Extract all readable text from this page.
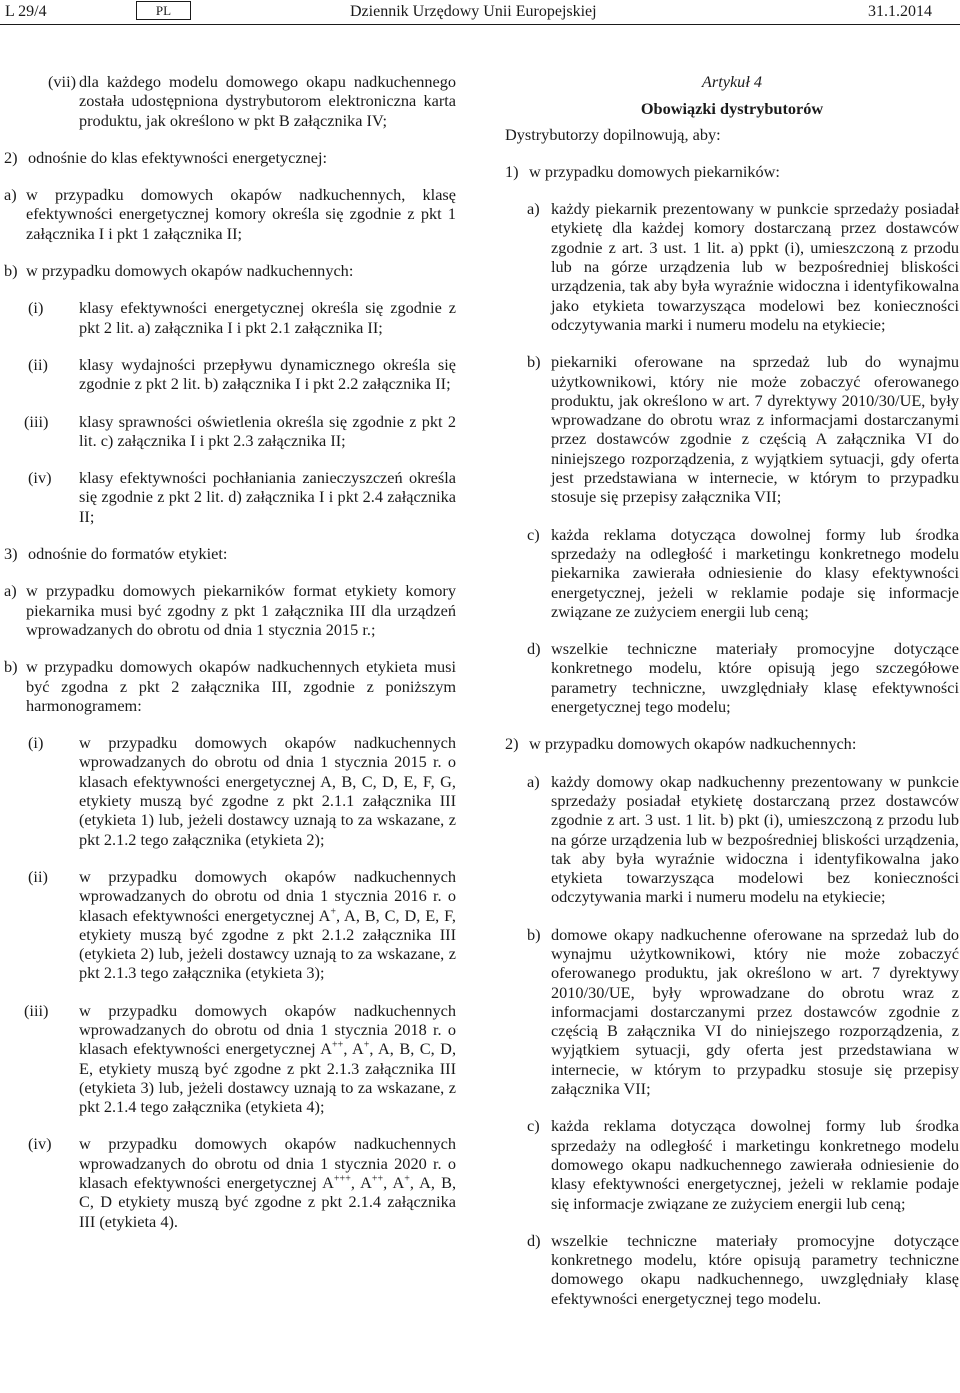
L 29/4	PL	Dziennik Urzędowy Unii Europejskiej	31.1.2014
(vii) dla każdego modelu domowego okapu nadkuchennego została udostępniona dystrybutorom elektroniczna karta produktu, jak określono w pkt B załącznika IV;
2) odnośnie do klas efektywności energetycznej:
a) w przypadku domowych okapów nadkuchennych, klasę efektywności energetycznej komory określa się zgodnie z pkt 1 załącznika I i pkt 1 załącznika II;
b) w przypadku domowych okapów nadkuchennych:
(i) klasy efektywności energetycznej określa się zgodnie z pkt 2 lit. a) załącznika I i pkt 2.1 załącznika II;
(ii) klasy wydajności przepływu dynamicznego określa się zgodnie z pkt 2 lit. b) załącznika I i pkt 2.2 załącznika II;
(iii) klasy sprawności oświetlenia określa się zgodnie z pkt 2 lit. c) załącznika I i pkt 2.3 załącznika II;
(iv) klasy efektywności pochłaniania zanieczyszczeń określa się zgodnie z pkt 2 lit. d) załącznika I i pkt 2.4 załącznika II;
3) odnośnie do formatów etykiet:
a) w przypadku domowych piekarników format etykiety komory piekarnika musi być zgodny z pkt 1 załącznika III dla urządzeń wprowadzanych do obrotu od dnia 1 stycznia 2015 r.;
b) w przypadku domowych okapów nadkuchennych etykieta musi być zgodna z pkt 2 załącznika III, zgodnie z poniższym harmonogramem:
(i) w przypadku domowych okapów nadkuchennych wprowadzanych do obrotu od dnia 1 stycznia 2015 r. o klasach efektywności energetycznej A, B, C, D, E, F, G, etykiety muszą być zgodne z pkt 2.1.1 załącznika III (etykieta 1) lub, jeżeli dostawcy uznają to za wskazane, z pkt 2.1.2 tego załącznika (etykieta 2);
(ii) w przypadku domowych okapów nadkuchennych wprowadzanych do obrotu od dnia 1 stycznia 2016 r. o klasach efektywności energetycznej A+, A, B, C, D, E, F, etykiety muszą być zgodne z pkt 2.1.2 załącznika III (etykieta 2) lub, jeżeli dostawcy uznają to za wskazane, z pkt 2.1.3 tego załącznika (etykieta 3);
(iii) w przypadku domowych okapów nadkuchennych wprowadzanych do obrotu od dnia 1 stycznia 2018 r. o klasach efektywności energetycznej A++, A+, A, B, C, D, E, etykiety muszą być zgodne z pkt 2.1.3 załącznika III (etykieta 3) lub, jeżeli dostawcy uznają to za wskazane, z pkt 2.1.4 tego załącznika (etykieta 4);
(iv) w przypadku domowych okapów nadkuchennych wprowadzanych do obrotu od dnia 1 stycznia 2020 r. o klasach efektywności energetycznej A+++, A++, A+, A, B, C, D etykiety muszą być zgodne z pkt 2.1.4 załącznika III (etykieta 4).
Artykuł 4
Obowiązki dystrybutorów
Dystrybutorzy dopilnowują, aby:
1) w przypadku domowych piekarników:
a) każdy piekarnik prezentowany w punkcie sprzedaży posiadał etykietę dla każdej komory dostarczaną przez dostawców zgodnie z art. 3 ust. 1 lit. a) ppkt (i), umieszczoną z przodu lub na górze urządzenia lub w bezpośredniej bliskości urządzenia, tak aby była wyraźnie widoczna i identyfikowalna jako etykieta towarzysząca modelowi bez konieczności odczytywania marki i numeru modelu na etykiecie;
b) piekarniki oferowane na sprzedaż lub do wynajmu użytkownikowi, który nie może zobaczyć oferowanego produktu, jak określono w art. 7 dyrektywy 2010/30/UE, były wprowadzane do obrotu wraz z informacjami dostarczanymi przez dostawców zgodnie z częścią A załącznika VI do niniejszego rozporządzenia, z wyjątkiem sytuacji, gdy oferta jest przedstawiana w internecie, w którym to przypadku stosuje się przepisy załącznika VII;
c) każda reklama dotycząca dowolnej formy lub środka sprzedaży na odległość i marketingu konkretnego modelu piekarnika zawierała odniesienie do klasy efektywności energetycznej, jeżeli w reklamie podaje się informacje związane ze zużyciem energii lub ceną;
d) wszelkie techniczne materiały promocyjne dotyczące konkretnego modelu, które opisują jego szczegółowe parametry techniczne, uwzględniały klasę efektywności energetycznej tego modelu;
2) w przypadku domowych okapów nadkuchennych:
a) każdy domowy okap nadkuchenny prezentowany w punkcie sprzedaży posiadał etykietę dostarczaną przez dostawców zgodnie z art. 3 ust. 1 lit. b) pkt (i), umieszczoną z przodu lub na górze urządzenia lub w bezpośredniej bliskości urządzenia, tak aby była wyraźnie widoczna i identyfikowalna jako etykieta towarzysząca modelowi bez konieczności odczytywania marki i numeru modelu na etykiecie;
b) domowe okapy nadkuchenne oferowane na sprzedaż lub do wynajmu użytkownikowi, który nie może zobaczyć oferowanego produktu, jak określono w art. 7 dyrektywy 2010/30/UE, były wprowadzane do obrotu wraz z informacjami dostarczanymi przez dostawców zgodnie z częścią B załącznika VI do niniejszego rozporządzenia, z wyjątkiem sytuacji, gdy oferta jest przedstawiana w internecie, w którym to przypadku stosuje się przepisy załącznika VII;
c) każda reklama dotycząca dowolnej formy lub środka sprzedaży na odległość i marketingu konkretnego modelu domowego okapu nadkuchennego zawierała odniesienie do klasy efektywności energetycznej, jeżeli w reklamie podaje się informacje związane ze zużyciem energii lub ceną;
d) wszelkie techniczne materiały promocyjne dotyczące konkretnego modelu, które opisują parametry techniczne domowego okapu nadkuchennego, uwzględniały klasę efektywności energetycznej tego modelu.
